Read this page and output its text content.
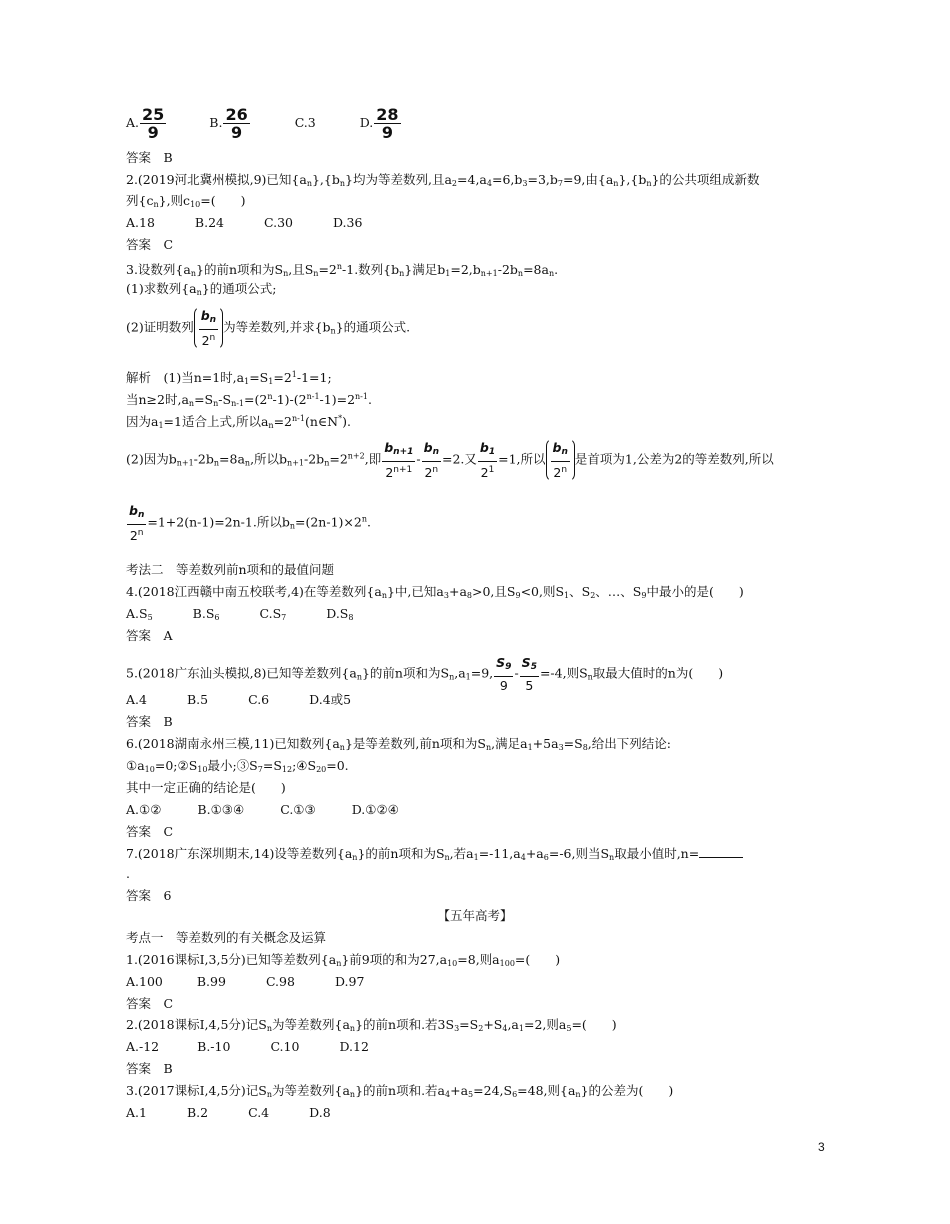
A. $\frac{25}{9}$	B. $\frac{26}{9}$	C.3	D. $\frac{28}{9}$
答案　B
2.(2019河北冀州模拟,9)已知$\{a_n\},\{b_n\}$均为等差数列,且$a_2=4,a_4=6,b_3=3,b_7=9$,由$\{a_n\},\{b_n\}$的公共项组成新数
列$\{c_n\}$,则$c_{10}=$(　　)
A.18	B.24	C.30	D.36
答案　C
3.设数列$\{a_n\}$的前n项和为$S_n$,且$S_n=2^n-1$.数列$\{b_n\}$满足$b_1=2,b_{n+1}-2b_n=8a_n$.
(1)求数列$\{a_n\}$的通项公式;
(2)证明数列 $\frac{b_n}{2^n}$ 为等差数列,并求$\{b_n\}$的通项公式.
解析　(1)当n=1时$,a_1=S_1=2^1-1=1$;
当n≥2时$,a_n=S_n-S_{n-1}=(2^n-1)-(2^{n-1}-1)=2^{n-1}$.
因为$a_1=1$适合上式,所以$a_n=2^{n-1}(n\in N^*)$.
(2)因为$b_{n+1}-2b_n=8a_n$,所以$b_{n+1}-2b_n=2^{n+2}$,即 $\frac{b_{n+1}}{2^{n+1}} - \frac{b_n}{2^n} =2$.又 $\frac{b_1}{2^1} =1$,所以 $\frac{b_n}{2^n}$ 是首项为1,公差为2的等差数列,所以
$\frac{b_n}{2^n} =1+2(n-1)=2n-1$.所以$b_n=(2n-1)\times 2^n$.
考法二　等差数列前n项和的最值问题
4.(2018江西赣中南五校联考,4)在等差数列$\{a_n\}$中,已知$a_3+a_8>0$,且$S_9<0$,则$S_1$、$S_2$、…、$S_9$中最小的是(　　)
$A.S_5$	$B.S_6$	$C.S_7$	$D.S_8$
答案　A
5.(2018广东汕头模拟,8)已知等差数列$\{a_n\}$的前n项和为$S_n,a_1=9$, $\frac{S_9}{9} - \frac{S_5}{5} =-4$,则$S_n$取最大值时的n为(　　)
A.4	B.5	C.6	D.4或5
答案　B
6.(2018湖南永州三模,11)已知数列$\{a_n\}$是等差数列,前n项和为$S_n$,满足$a_1+5a_3=S_8$,给出下列结论:
$①a_{10}=0;②S_{10}$最小$;③S_7=S_{12};④S_{20}=0$.
其中一定正确的结论是(　　)
A.①②	B.①③④	C.①③	D.①②④
答案　C
7.(2018广东深圳期末,14)设等差数列$\{a_n\}$的前n项和为$S_n$,若$a_1=-11,a_4+a_6=-6$,则当$S_n$取最小值时,n=
.
答案　6
【五年高考】
考点一　等差数列的有关概念及运算
1.(2016课标Ⅰ,3,5分)已知等差数列$\{a_n\}$前9项的和为$27,a_{10}=8$,则$a_{100}=$(　　)
A.100	B.99	C.98	D.97
答案　C
2.(2018课标Ⅰ,4,5分)记$S_n$为等差数列$\{a_n\}$的前n项和.若$3S_3=S_2+S_4,a_1=2$,则$a_5=$(　　)
A.-12	B.-10	C.10	D.12
答案　B
3.(2017课标Ⅰ,4,5分)记$S_n$为等差数列$\{a_n\}$的前n项和.若$a_4+a_5=24,S_6=48$,则$\{a_n\}$的公差为(　　)
A.1	B.2	C.4	D.8
3
